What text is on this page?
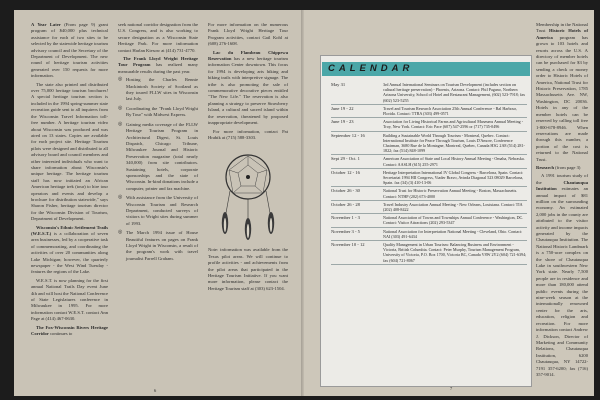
A Year Later (From page 9) grant program of $40,000 plus technical assistance for each of two sites to be selected by the statewide heritage tourism advisory council and the Secretary of the Department of Development. The new round of heritage tourism activities generated over 150 requests for more information.

The state also printed and distributed over 75,000 heritage tourism brochures! A special heritage tourism section is included in the 1994 spring-summer state recreation guide sent to all inquirers from the Wisconsin Travel Information toll-free number. A heritage tourism video about Wisconsin was produced and was aired on 13 states. Copies are available for each project site. Heritage Tourism pilots were designed and distributed to all advisory board and council members and other interested individuals who want to share information about Wisconsin's unique heritage. The heritage tourism staff has now initiated an African American heritage trek (tour) to hire tour operators and events and develop a brochure for distribution statewide," says Sharon Fisher, heritage tourism director for the Wisconsin Division of Tourism, Department of Development.

Wisconsin's Ethnic Settlement Trails (W.E.S.T.) is a collaboration of seven area businesses, led by a cooperative task of commemorating, and coordinating the activities of over 20 communities along Lake Michigan; however, the quarterly newspaper - the West Wind Tuesday - features the regions of the Lake.

W.E.S.T. is now planning for the first annual National Trails Day event June 4th and will host the National Conference of State Legislatures conference in Milwaukee in 1995. For more information contact W.E.S.T. contact Ann Page at (414) 467-0630.

The Fox-Wisconsin Rivers Heritage Corridor continues to

seek national corridor designation from the U.S. Congress, and is also working to secure designation as a Wisconsin State Heritage Park. For more information contact Harlan Kiesow at (414) 731-4770.

The Frank Lloyd Wright Heritage Tour Program has realized many measurable results during the past year.

◎ Hosting the Charles Rennie Mackintosh Society of Scotland as they toured FLLW sites in Wisconsin last July.
◎ Coordinating the "Frank Lloyd Wright By Tour" with Midwest Express.
◎ Gaining media coverage of the FLLW Heritage Tourism Program in Architectural Digest, St. Louis Dispatch, Chicago Tribune, Milwaukee Journal and Historic Preservation magazine (total nearly 340,000) from site contributors. Sustaining hotels, corporate sponsorships and the state of Wisconsin. In-kind donations include a computer, printer and fax machine.
◎ With assistance from the University of Wisconsin Tourism and Research Department, conducted surveys of visitors to Wright sites during summer of 1993.
◎ The March 1994 issue of House Beautiful features on pages on Frank Lloyd Wright in Wisconsin, a result of the program's work with travel journalist Farrell Graham.

For more information on the numerous Frank Lloyd Wright Heritage Tour Program activities, contact Gail Kohl at (608) 276-1608.

Lac du Flambeau Chippewa Reservation has a new heritage tourism information Center downtown. This focus for 1994 is developing arts hiking and biking trails with interpretive signage. The tribe is also promoting the sale of commemorative decorative pieces entitled "The New Life." The reservation is also planning a strategy to preserve Strawberry Island, a cultural and sacred island within the reservation, threatened by proposed inappropriate development.

For more information, contact Pat Hrabik at (715) 588-3303.

Note: information was available from the Texas pilot areas. We will continue to profile activities - and achievements from the pilot areas that participated in the Heritage Tourism Initiative. If you want more information, please contact the Heritage Tourism staff at (303) 623-1504.

6
CALENDAR
May 31	3rd Annual International Seminars on Tourism Development (includes section on cultural heritage preservation) - Phoenix, Arizona. Contact: Phil Pagano, Northern Arizona University, School of Hotel and Restaurant Management, (602) 523-7918; fax (602) 523-5255
June 19 - 22	Travel and Tourism Research Association 25th Annual Conference - Bal Harbour, Florida. Contact: TTRA (303) 499-0571
June 19 - 23	Association for Living Historical Farms and Agricultural Museums Annual Meeting - Troy, New York. Contact: Eric Pace (607) 547-2596 or (717) 735-0496
September 12 - 16	Building a Sustainable World Through Tourism - Montreal, Quebec. Contact: International Institute for Peace Through Tourism, Louis D'Amore, Conference Chairman, 3680 Rue de la Montagne, Montreal, Quebec, Canada H3G 2A8 (514) 281-1822; fax (514) 848-1099
Sept 29 - Oct. 1	American Association of State and Local History Annual Meeting - Omaha, Nebraska. Contact: AASLH (615) 255-2971
October 12 - 16	Heritage Interpretation International IV Global Congress - Barcelona, Spain. Contact: Secretariat 1994 HII Congress, Viader Bravo, Avinda Diagonal 523 08029 Barcelona, Spain. fax (34) (3) 410-13-06
October 26 - 30	National Trust for Historic Preservation Annual Meeting - Boston, Massachusetts. Contact: NTHP (202) 673-4000
October 26 - 28	Travel Industry Association Annual Meeting - New Orleans, Louisiana. Contact: TIA (202) 408-8422
November 1 - 3	National Association of Towns and Townships Annual Conference - Washington, DC. Contact: Visitor Attractions (202) 293-5347
November 3 - 5	National Association for Interpretation National Meeting - Cleveland, Ohio. Contact: NAI (303) 491-6434
November 10 - 12	Quality Management in Urban Tourism: Balancing Business and Environment - Victoria, British Columbia. Contact: Peter Murphy, Tourism Management Program, University of Victoria, P.O. Box 1700, Victoria BC, Canada V8W 2Y2 (604) 721-6394; fax (604) 721-8067

Membership in the National Trust Historic Hotels of America program has grown to 103 hotels and resorts across the U.S. A directory of member hotels can be purchased for $3 by sending a check or money order to Historic Hotels of America, National Trust for Historic Preservation, 1785 Massachusetts Ave. NW, Washington, DC 20036. Hotels in any of the member hotels can be reserved by calling toll free 1-800-678-8946. When reservations are made through this number, a portion of the cost is returned to the National Trust.

Research (from page 3)

A 1991 tourism study of the Chautauqua Institution estimates an annual impact of $81 million on the surrounding economy. An estimated 2,000 jobs in the county are attributed to the visitor activity and income impacts generated by the Chautauqua Institution. The National Historic Landmark is a 750-acre complex on the shore of Chautauqua Lake in southwestern New York state. Nearly 7,500 people are in residence and more than 180,000 attend public events during the nine-week season at the internationally renowned center for the arts, education, religion and recreation. For more information contact Andrew J. Dickson, Director of Marketing and Community Relations, Chautauqua Institution, 6200 Chautauqua, NY 14722-7191 357-6200; fax (716) 357-9014.

7
